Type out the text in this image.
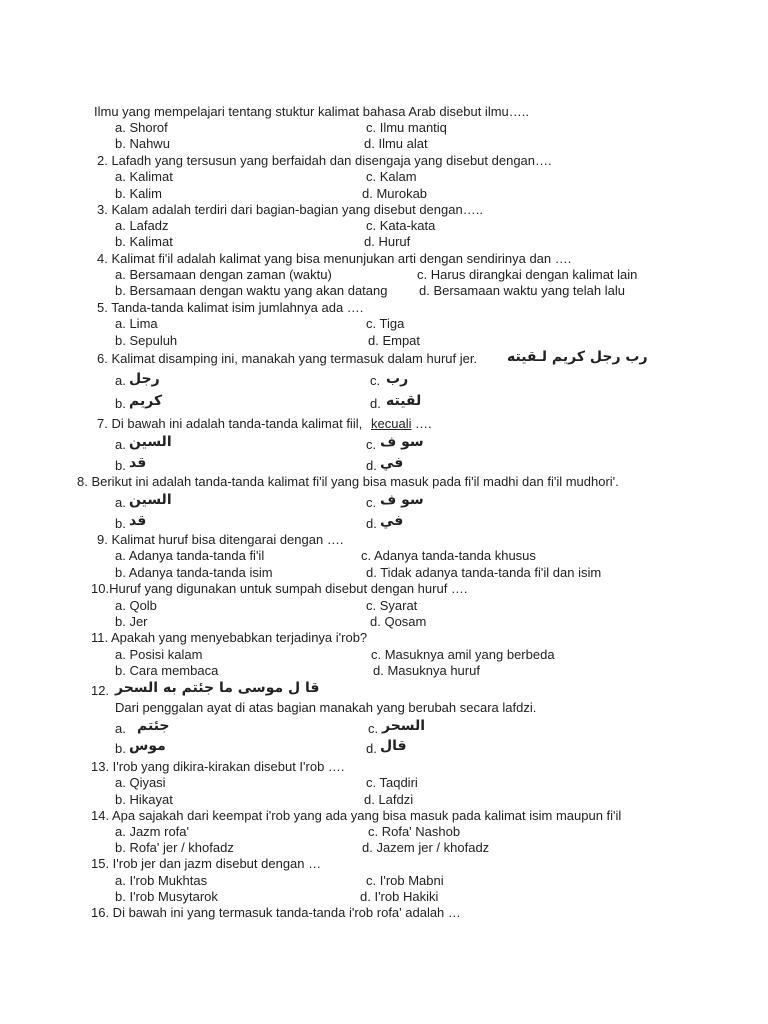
Ilmu yang mempelajari tentang stuktur kalimat bahasa Arab disebut ilmu…..
a. Shorof	c. Ilmu mantiq
b. Nahwu	d. Ilmu alat
2. Lafadh yang tersusun yang berfaidah dan disengaja yang disebut dengan….
a. Kalimat	c. Kalam
b. Kalim	d. Murokab
3. Kalam adalah terdiri dari bagian-bagian yang disebut dengan…..
a. Lafadz	c. Kata-kata
b. Kalimat	d. Huruf
4. Kalimat fi'il adalah kalimat yang bisa menunjukan arti dengan sendirinya dan ….
a. Bersamaan dengan zaman (waktu)	c. Harus dirangkai dengan kalimat lain
b. Bersamaan dengan waktu yang akan datang d. Bersamaan waktu yang telah lalu
5. Tanda-tanda kalimat isim jumlahnya ada ….
a. Lima	c. Tiga
b. Sepuluh	d. Empat
6. Kalimat disamping ini, manakah yang termasuk dalam huruf jer. رب رجل كريم لـقيته
a. رجل	c. رب
b. كريم	d. لقيته
7. Di bawah ini adalah tanda-tanda kalimat fiil, kecuali ….
a. السين	c. سو ف
b. قد	d. في
8. Berikut ini adalah tanda-tanda kalimat fi'il yang bisa masuk pada fi'il madhi dan fi'il mudhori'.
a. السين	c. سو ف
b. قد	d. في
9. Kalimat huruf bisa ditengarai dengan ….
a. Adanya tanda-tanda fi'il	c. Adanya tanda-tanda khusus
b. Adanya tanda-tanda isim	d. Tidak adanya tanda-tanda fi'il dan isim
10.Huruf yang digunakan untuk sumpah disebut dengan huruf ….
a. Qolb	c. Syarat
b. Jer	d. Qosam
11. Apakah yang menyebabkan terjadinya i'rob?
a. Posisi kalam	c. Masuknya amil yang berbeda
b. Cara membaca	d. Masuknya huruf
12. قا ل موسى ما جئتم به السحر
Dari penggalan ayat di atas bagian manakah yang berubah secara lafdzi.
a. جئتم	c. السحر
b. موس	d. قال
13. I'rob yang dikira-kirakan disebut I'rob ….
a. Qiyasi	c. Taqdiri
b. Hikayat	d. Lafdzi
14. Apa sajakah dari keempat i'rob yang ada yang bisa masuk pada kalimat isim maupun fi'il
a. Jazm rofa'	c. Rofa' Nashob
b. Rofa' jer / khofadz	d. Jazem jer / khofadz
15. I'rob jer dan jazm disebut dengan …
a. I'rob Mukhtas	c. I'rob Mabni
b. I'rob Musytarok	d. I'rob Hakiki
16. Di bawah ini yang termasuk tanda-tanda i'rob rofa' adalah …
